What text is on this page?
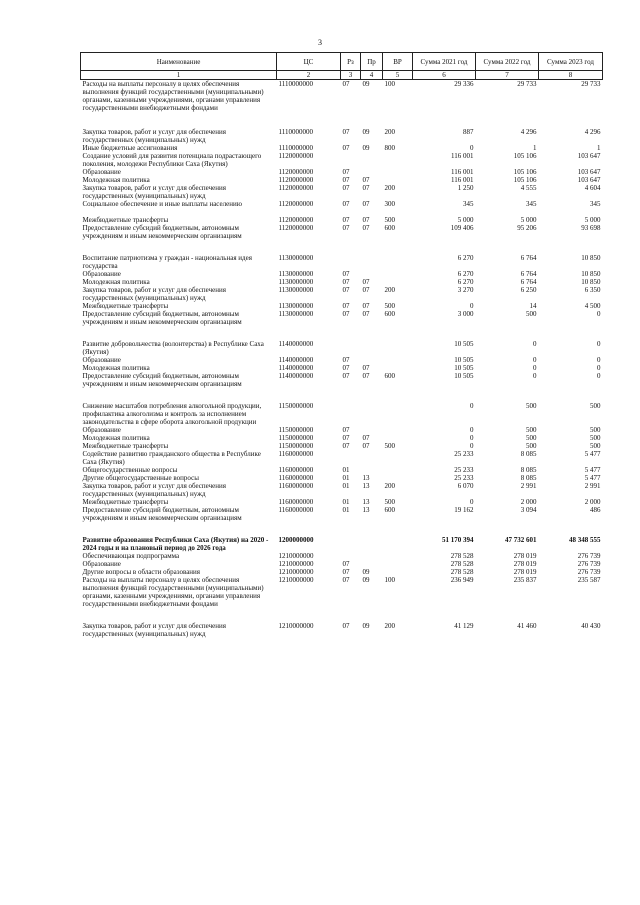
3
Наименование	ЦС	Рз	Пр	ВР	Сумма 2021 год	Сумма 2022 год	Сумма 2023 год
1	2	3	4	5	6	7	8
Расходы на выплаты персоналу в целях обеспечения выполнения функций государственными (муниципальными) органами, казенными учреждениями, органами управления государственными внебюджетными фондами	1110000000	07	09	100	29 336	29 733	29 733
Закупка товаров, работ и услуг для обеспечения государственных (муниципальных) нужд	1110000000	07	09	200	887	4 296	4 296
Иные бюджетные ассигнования	1110000000	07	09	800	0	1	1
Создание условий для развития потенциала подрастающего поколения, молодежи Республики Саха (Якутия)	1120000000				116 001	105 106	103 647
Образование	1120000000	07			116 001	105 106	103 647
Молодежная политика	1120000000	07	07		116 001	105 106	103 647
Закупка товаров, работ и услуг для обеспечения государственных (муниципальных) нужд	1120000000	07	07	200	1 250	4 555	4 604
Социальное обеспечение и иные выплаты населению	1120000000	07	07	300	345	345	345
Межбюджетные трансферты	1120000000	07	07	500	5 000	5 000	5 000
Предоставление субсидий бюджетным, автономным учреждениям и иным некоммерческим организациям	1120000000	07	07	600	109 406	95 206	93 698
Воспитание патриотизма у граждан - национальная идея государства	1130000000				6 270	6 764	10 850
Образование	1130000000	07			6 270	6 764	10 850
Молодежная политика	1130000000	07	07		6 270	6 764	10 850
Закупка товаров, работ и услуг для обеспечения государственных (муниципальных) нужд	1130000000	07	07	200	3 270	6 250	6 350
Межбюджетные трансферты	1130000000	07	07	500	0	14	4 500
Предоставление субсидий бюджетным, автономным учреждениям и иным некоммерческим организациям	1130000000	07	07	600	3 000	500	0
Развитие добровольчества (волонтерства) в Республике Саха (Якутия)	1140000000				10 505	0	0
Образование	1140000000	07			10 505	0	0
Молодежная политика	1140000000	07	07		10 505	0	0
Предоставление субсидий бюджетным, автономным учреждениям и иным некоммерческим организациям	1140000000	07	07	600	10 505	0	0
Снижение масштабов потребления алкогольной продукции, профилактика алкоголизма и контроль за исполнением законодательства в сфере оборота алкогольной продукции	1150000000				0	500	500
Образование	1150000000	07			0	500	500
Молодежная политика	1150000000	07	07		0	500	500
Межбюджетные трансферты	1150000000	07	07	500	0	500	500
Содействие развитию гражданского общества в Республике Саха (Якутия)	1160000000				25 233	8 085	5 477
Общегосударственные вопросы	1160000000	01			25 233	8 085	5 477
Другие общегосударственные вопросы	1160000000	01	13		25 233	8 085	5 477
Закупка товаров, работ и услуг для обеспечения государственных (муниципальных) нужд	1160000000	01	13	200	6 070	2 991	2 991
Межбюджетные трансферты	1160000000	01	13	500	0	2 000	2 000
Предоставление субсидий бюджетным, автономным учреждениям и иным некоммерческим организациям	1160000000	01	13	600	19 162	3 094	486
Развитие образования Республики Саха (Якутия) на 2020 - 2024 годы и на плановый период до 2026 года	1200000000				51 170 394	47 732 601	48 348 555
Обеспечивающая подпрограмма	1210000000				278 528	278 019	276 739
Образование	1210000000	07			278 528	278 019	276 739
Другие вопросы в области образования	1210000000	07	09		278 528	278 019	276 739
Расходы на выплаты персоналу в целях обеспечения выполнения функций государственными (муниципальными) органами, казенными учреждениями, органами управления государственными внебюджетными фондами	1210000000	07	09	100	236 949	235 837	235 587
Закупка товаров, работ и услуг для обеспечения государственных (муниципальных) нужд	1210000000	07	09	200	41 129	41 460	40 430
